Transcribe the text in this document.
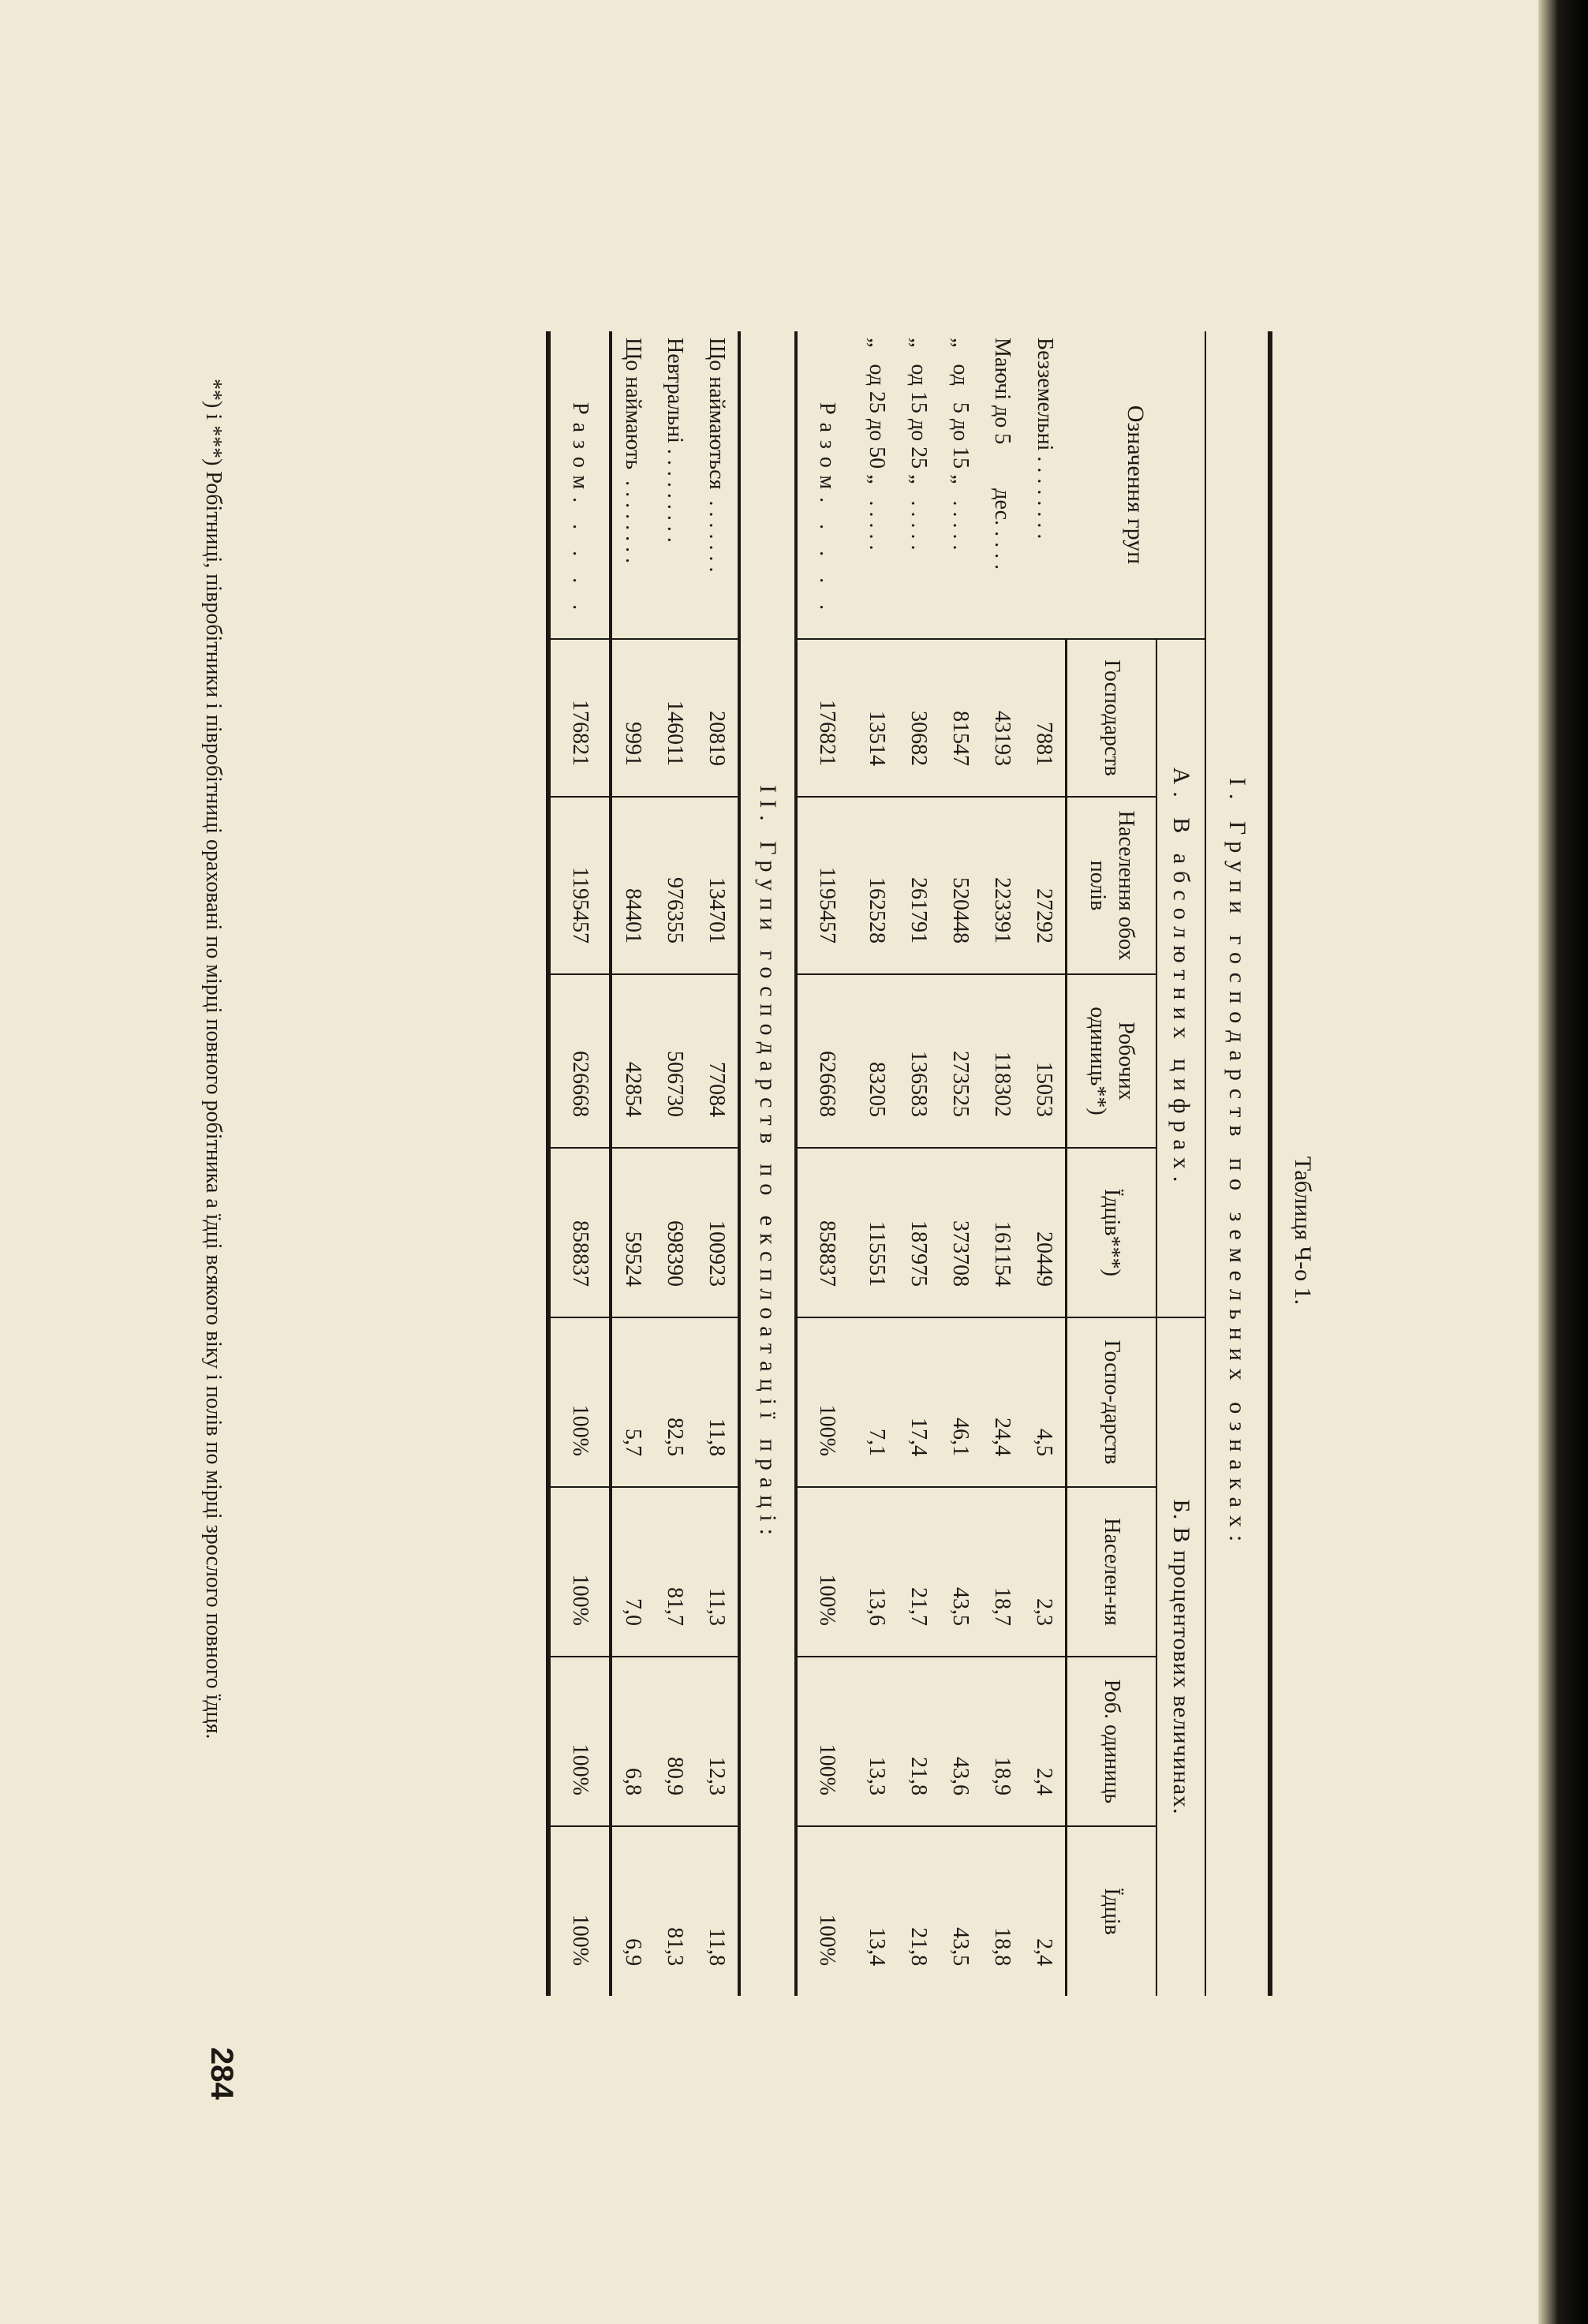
Таблиця Ч-о 1.
I. Групи господарств по земельних ознаках:								
Означення груп	А. В абсолютних цифрах.				Б. В процентових величинах.			
	Господарств	Населення обох полів	Робочих одиниць**)	Їдців***)	Госпо-дарств	Населен-ня	Роб. одиниць	Їдців
Безземельні . . . . . . . .	7881	27292	15053	20449	4,5	2,3	2,4	2,4
Маючі до 5        дес. . . . .	43193	223391	118302	161154	24,4	18,7	18,9	18,8
„   од   5 до 15 „   . . . . .	81547	520448	273525	373708	46,1	43,5	43,6	43,5
„   од 15 до 25 „   . . . . .	30682	261791	136583	187975	17,4	21,7	21,8	21,8
„   од 25 до 50 „   . . . . .	13514	162528	83205	115551	7,1	13,6	13,3	13,4
Разом. . . . .	176821	1195457	626668	858837	100%	100%	100%	100%
II. Групи господарств по експлоатації праці:								
Що наймаються  . . . . . . .	20819	134701	77084	100923	11,8	11,3	12,3	11,8
Невтральні . . . . . . . . .	146011	976355	506730	698390	82,5	81,7	80,9	81,3
Що наймають  . . . . . . . .	9991	84401	42854	59524	5,7	7,0	6,8	6,9
Разом. . . . .	176821	1195457	626668	858837	100%	100%	100%	100%
**) і ***) Робітниці, півробітники і півробітниці ораховані по мірці повного робітника а їдці всякого віку і полів по мірці зрослого повного їдця.
284
